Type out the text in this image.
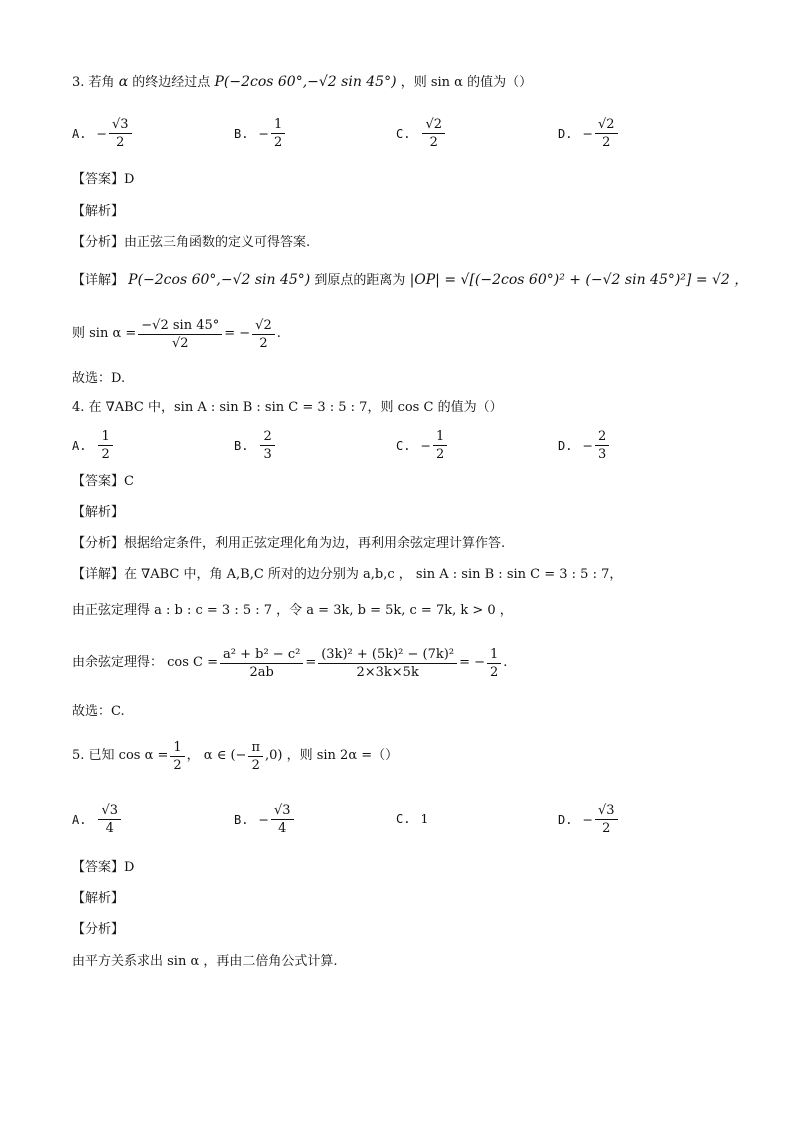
3. 若角 α 的终边经过点 P(−2cos 60°,−√2 sin 45°) ，则 sin α 的值为（）
A. − $\frac{√3}{2}$	B. − $\frac{1}{2}$	C. $\frac{√2}{2}$	D. − $\frac{√2}{2}$
【答案】D
【解析】
【分析】由正弦三角函数的定义可得答案.
【详解】 P(−2cos 60°,−√2 sin 45°) 到原点的距离为 |OP| = √[(−2cos 60°)² + (−√2 sin 45°)²] = √2 ，
则 $\sin \alpha = \frac{-√2 \sin 45^\circ}{√2}$ = − $\frac{√2}{2}$ .
故选：D.
4. 在 ∇ABC 中，sin A : sin B : sin C = 3 : 5 : 7，则 cos C 的值为（）
A. $\frac{1}{2}$	B. $\frac{2}{3}$	C. − $\frac{1}{2}$	D. − $\frac{2}{3}$
【答案】C
【解析】
【分析】根据给定条件，利用正弦定理化角为边，再利用余弦定理计算作答.
【详解】在 ∇ABC 中，角 A,B,C 所对的边分别为 a,b,c ， sin A : sin B : sin C = 3 : 5 : 7，
由正弦定理得 a : b : c = 3 : 5 : 7 ，令 a = 3k, b = 5k, c = 7k, k > 0 ，
由余弦定理得： $\cos C = \frac{\text{a² + b² − c²}}{2ab} = \frac{\text{(3k)² + (5k)² − (7k)²}}{2\times 3k\times 5k}$ = − $\frac{1}{2}$ .
故选：C.
5. 已知 $\cos \alpha = \frac{1}{2}$ ， α ∈ (− $\frac{\pi}{2} ,0$) ，则 sin 2α =（）
A. $\frac{√3}{4}$	B. − $\frac{√3}{4}$	C. 1	D. − $\frac{√3}{2}$
【答案】D
【解析】
【分析】
由平方关系求出 sin α ，再由二倍角公式计算.
